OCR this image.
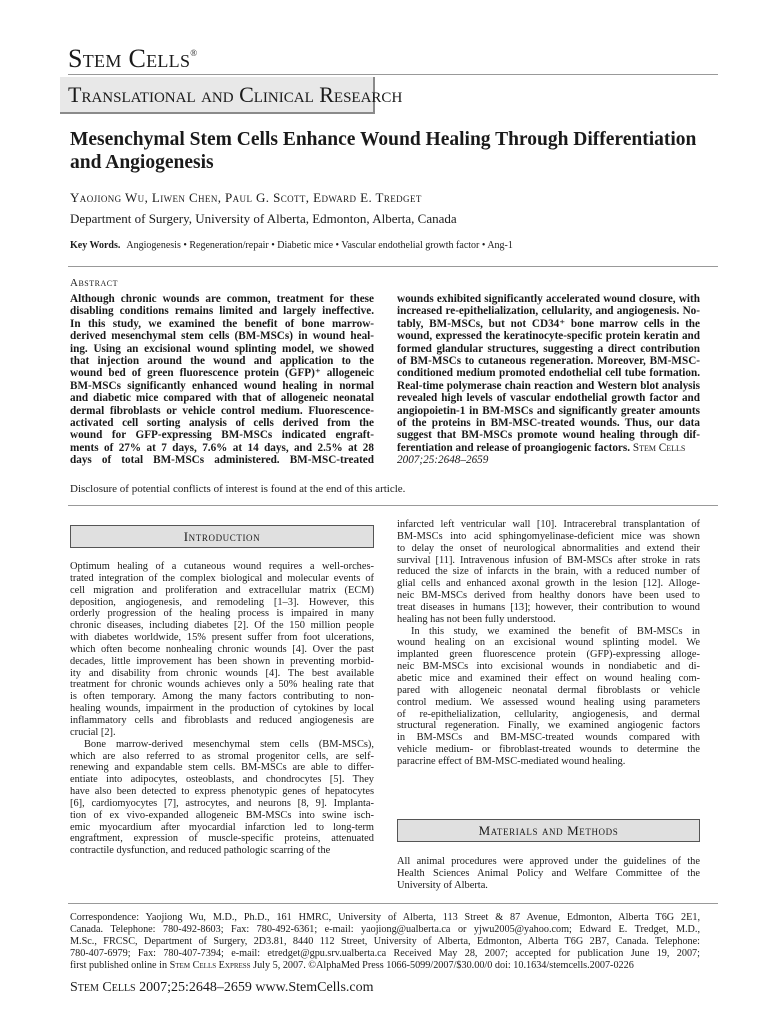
Stem Cells®
Translational and Clinical Research
Mesenchymal Stem Cells Enhance Wound Healing Through Differentiation and Angiogenesis
Yaojiong Wu, Liwen Chen, Paul G. Scott, Edward E. Tredget
Department of Surgery, University of Alberta, Edmonton, Alberta, Canada
Key Words. Angiogenesis • Regeneration/repair • Diabetic mice • Vascular endothelial growth factor • Ang-1
Abstract
Although chronic wounds are common, treatment for these
disabling conditions remains limited and largely ineffective.
In this study, we examined the benefit of bone marrow-
derived mesenchymal stem cells (BM-MSCs) in wound heal-
ing. Using an excisional wound splinting model, we showed
that injection around the wound and application to the
wound bed of green fluorescence protein (GFP)⁺ allogeneic
BM-MSCs significantly enhanced wound healing in normal
and diabetic mice compared with that of allogeneic neonatal
dermal fibroblasts or vehicle control medium. Fluorescence-
activated cell sorting analysis of cells derived from the
wound for GFP-expressing BM-MSCs indicated engraft-
ments of 27% at 7 days, 7.6% at 14 days, and 2.5% at 28
days of total BM-MSCs administered. BM-MSC-treated
wounds exhibited significantly accelerated wound closure, with
increased re-epithelialization, cellularity, and angiogenesis. No-
tably, BM-MSCs, but not CD34⁺ bone marrow cells in the
wound, expressed the keratinocyte-specific protein keratin and
formed glandular structures, suggesting a direct contribution
of BM-MSCs to cutaneous regeneration. Moreover, BM-MSC-
conditioned medium promoted endothelial cell tube formation.
Real-time polymerase chain reaction and Western blot analysis
revealed high levels of vascular endothelial growth factor and
angiopoietin-1 in BM-MSCs and significantly greater amounts
of the proteins in BM-MSC-treated wounds. Thus, our data
suggest that BM-MSCs promote wound healing through dif-
ferentiation and release of proangiogenic factors. Stem Cells
2007;25:2648–2659
Disclosure of potential conflicts of interest is found at the end of this article.
Introduction
Optimum healing of a cutaneous wound requires a well-orches-
trated integration of the complex biological and molecular events of
cell migration and proliferation and extracellular matrix (ECM)
deposition, angiogenesis, and remodeling [1–3]. However, this
orderly progression of the healing process is impaired in many
chronic diseases, including diabetes [2]. Of the 150 million people
with diabetes worldwide, 15% present suffer from foot ulcerations,
which often become nonhealing chronic wounds [4]. Over the past
decades, little improvement has been shown in preventing morbid-
ity and disability from chronic wounds [4]. The best available
treatment for chronic wounds achieves only a 50% healing rate that
is often temporary. Among the many factors contributing to non-
healing wounds, impairment in the production of cytokines by local
inflammatory cells and fibroblasts and reduced angiogenesis are
crucial [2].
Bone marrow-derived mesenchymal stem cells (BM-MSCs),
which are also referred to as stromal progenitor cells, are self-
renewing and expandable stem cells. BM-MSCs are able to differ-
entiate into adipocytes, osteoblasts, and chondrocytes [5]. They
have also been detected to express phenotypic genes of hepatocytes
[6], cardiomyocytes [7], astrocytes, and neurons [8, 9]. Implanta-
tion of ex vivo-expanded allogeneic BM-MSCs into swine isch-
emic myocardium after myocardial infarction led to long-term
engraftment, expression of muscle-specific proteins, attenuated
contractile dysfunction, and reduced pathologic scarring of the
infarcted left ventricular wall [10]. Intracerebral transplantation of
BM-MSCs into acid sphingomyelinase-deficient mice was shown
to delay the onset of neurological abnormalities and extend their
survival [11]. Intravenous infusion of BM-MSCs after stroke in rats
reduced the size of infarcts in the brain, with a reduced number of
glial cells and enhanced axonal growth in the lesion [12]. Alloge-
neic BM-MSCs derived from healthy donors have been used to
treat diseases in humans [13]; however, their contribution to wound
healing has not been fully understood.
In this study, we examined the benefit of BM-MSCs in
wound healing on an excisional wound splinting model. We
implanted green fluorescence protein (GFP)-expressing alloge-
neic BM-MSCs into excisional wounds in nondiabetic and di-
abetic mice and examined their effect on wound healing com-
pared with allogeneic neonatal dermal fibroblasts or vehicle
control medium. We assessed wound healing using parameters
of re-epithelialization, cellularity, angiogenesis, and dermal
structural regeneration. Finally, we examined angiogenic factors
in BM-MSCs and BM-MSC-treated wounds compared with
vehicle medium- or fibroblast-treated wounds to determine the
paracrine effect of BM-MSC-mediated wound healing.
Materials and Methods
All animal procedures were approved under the guidelines of the
Health Sciences Animal Policy and Welfare Committee of the
University of Alberta.
Correspondence: Yaojiong Wu, M.D., Ph.D., 161 HMRC, University of Alberta, 113 Street & 87 Avenue, Edmonton, Alberta T6G 2E1,
Canada. Telephone: 780-492-8603; Fax: 780-492-6361; e-mail: yaojiong@ualberta.ca or yjwu2005@yahoo.com; Edward E. Tredget, M.D.,
M.Sc., FRCSC, Department of Surgery, 2D3.81, 8440 112 Street, University of Alberta, Edmonton, Alberta T6G 2B7, Canada. Telephone:
780-407-6979; Fax: 780-407-7394; e-mail: etredget@gpu.srv.ualberta.ca Received May 28, 2007; accepted for publication June 19, 2007;
first published online in Stem Cells Express July 5, 2007. ©AlphaMed Press 1066-5099/2007/$30.00/0 doi: 10.1634/stemcells.2007-0226
Stem Cells 2007;25:2648–2659 www.StemCells.com
